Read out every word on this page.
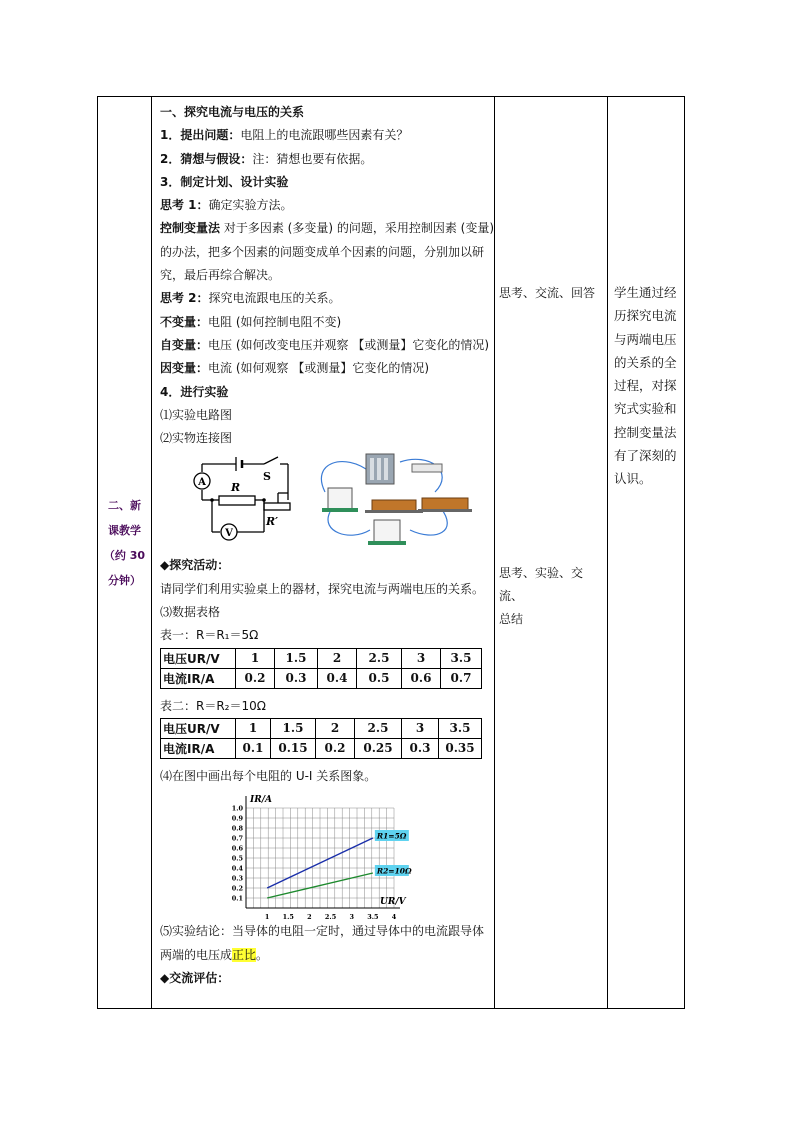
二、新
课教学
（约 30
分钟）
一、探究电流与电压的关系
1．提出问题：电阻上的电流跟哪些因素有关？
2．猜想与假设：注：猜想也要有依据。
3．制定计划、设计实验
思考 1：确定实验方法。
控制变量法 对于多因素 (多变量) 的问题，采用控制因素 (变量)
的办法，把多个因素的问题变成单个因素的问题，分别加以研
究，最后再综合解决。
思考 2：探究电流跟电压的关系。
不变量：电阻 (如何控制电阻不变)
自变量：电压 (如何改变电压并观察 【或测量】它变化的情况)
因变量：电流 (如何观察 【或测量】它变化的情况)
4．进行实验
⑴实验电路图
⑵实物连接图
A
V
S
R
R′
◆探究活动：
请同学们利用实验桌上的器材，探究电流与两端电压的关系。
⑶数据表格
表一：R＝R₁＝5Ω
电压UR/V	1	1.5	2	2.5	3	3.5
电流IR/A	0.2	0.3	0.4	0.5	0.6	0.7
表二：R＝R₂＝10Ω
电压UR/V	1	1.5	2	2.5	3	3.5
电流IR/A	0.1	0.15	0.2	0.25	0.3	0.35
⑷在图中画出每个电阻的 U-I 关系图象。
1 1.5 2 2.5 3 3.5 4
0.1
0.2
0.3
0.4
0.5
0.6
0.7
0.8
0.9
1.0
IR/A
UR/V
R1=5Ω
R2=10Ω
⑸实验结论：当导体的电阻一定时，通过导体中的电流跟导体
两端的电压成正比。
◆交流评估：
思考、交流、回答
思考、实验、交流、
总结
学生通过经
历探究电流
与两端电压
的关系的全
过程，对探
究式实验和
控制变量法
有了深刻的
认识。
